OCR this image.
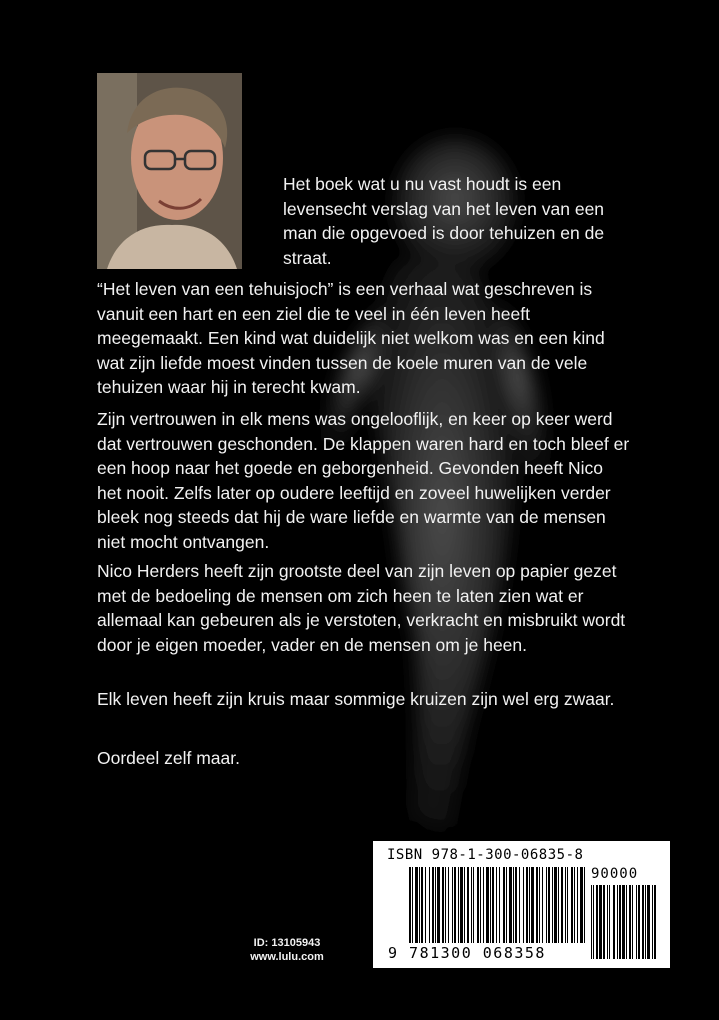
Het boek wat u nu vast houdt is een levensecht verslag van het leven van een man die opgevoed is door tehuizen en de straat.

“Het leven van een tehuisjoch” is een verhaal wat geschreven is vanuit een hart en een ziel die te veel in één leven heeft meegemaakt. Een kind wat duidelijk niet welkom was en een kind wat zijn liefde moest vinden tussen de koele muren van de vele tehuizen waar hij in terecht kwam.

Zijn vertrouwen in elk mens was ongelooflijk, en keer op keer werd dat vertrouwen geschonden. De klappen waren hard en toch bleef er een hoop naar het goede en geborgenheid. Gevonden heeft Nico het nooit. Zelfs later op oudere leeftijd en zoveel huwelijken verder bleek nog steeds dat hij de ware liefde en warmte van de mensen niet mocht ontvangen.

Nico Herders heeft zijn grootste deel van zijn leven op papier gezet met de bedoeling de mensen om zich heen te laten zien wat er allemaal kan gebeuren als je verstoten, verkracht en misbruikt wordt door je eigen moeder, vader en de mensen om je heen.

Elk leven heeft zijn kruis maar sommige kruizen zijn wel erg zwaar.

Oordeel zelf maar.

ID: 13105943
www.lulu.com
ISBN 978-1-300-06835-8
90000
9 781300 068358
